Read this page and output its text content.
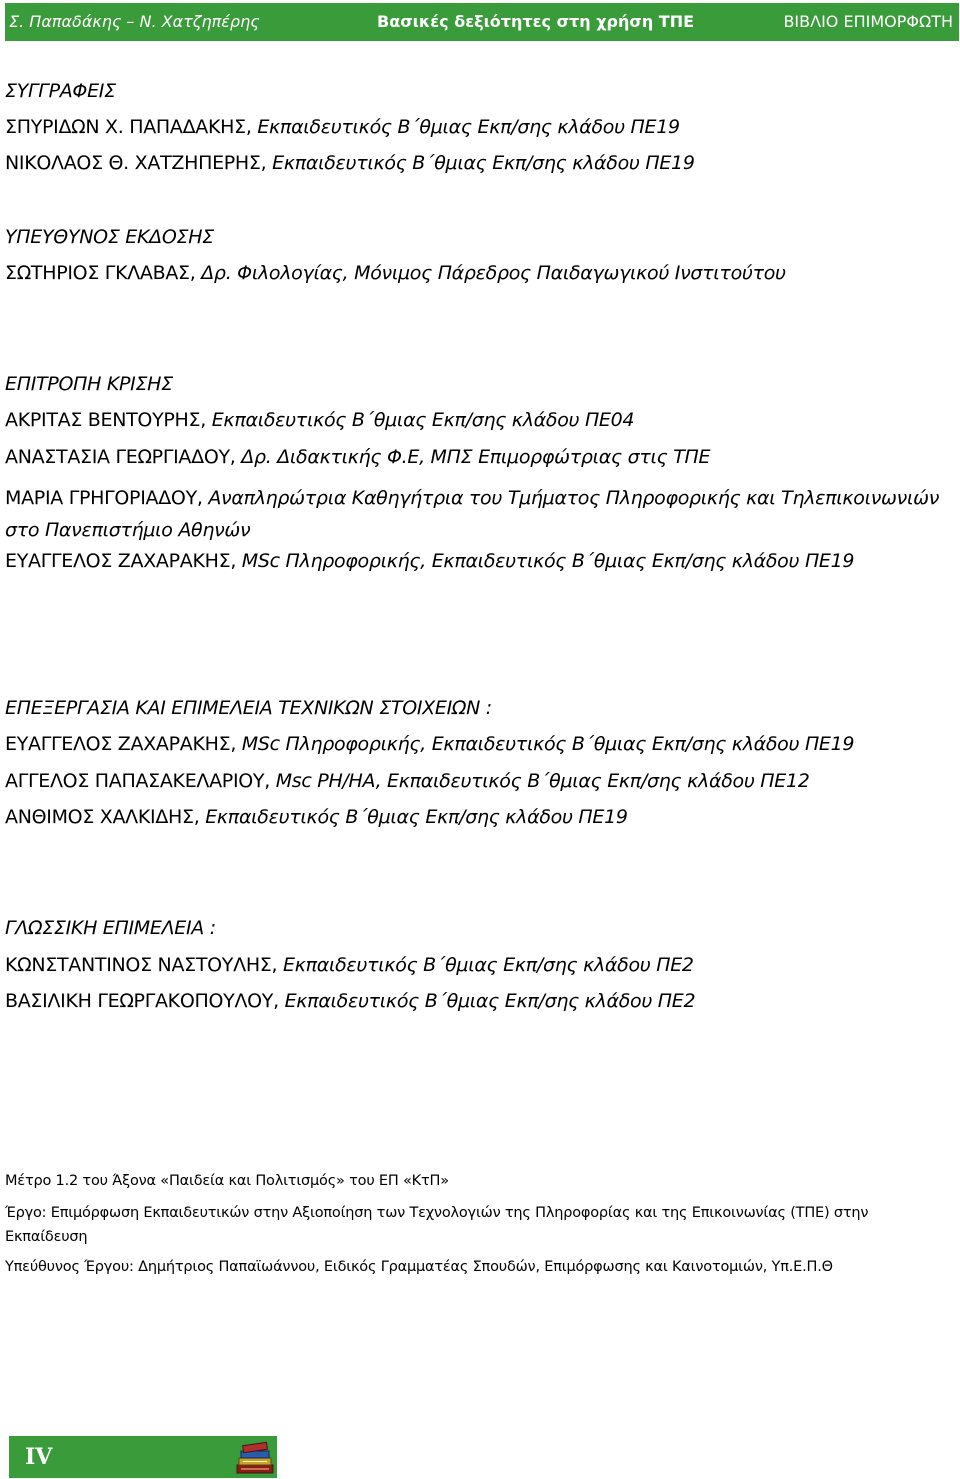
Σ. Παπαδάκης – Ν. Χατζηπέρης	Βασικές δεξιότητες στη χρήση ΤΠΕ	ΒΙΒΛΙΟ ΕΠΙΜΟΡΦΩΤΗ
ΣΥΓΓΡΑΦΕΙΣ
ΣΠΥΡΙΔΩΝ Χ. ΠΑΠΑΔΑΚΗΣ, Εκπαιδευτικός Β΄θμιας Εκπ/σης κλάδου ΠΕ19
ΝΙΚΟΛΑΟΣ Θ. ΧΑΤΖΗΠΕΡΗΣ, Εκπαιδευτικός Β΄θμιας Εκπ/σης κλάδου ΠΕ19
ΥΠΕΥΘΥΝΟΣ ΕΚΔΟΣΗΣ
ΣΩΤΗΡΙΟΣ ΓΚΛΑΒΑΣ, Δρ. Φιλολογίας, Μόνιμος Πάρεδρος Παιδαγωγικού Ινστιτούτου
ΕΠΙΤΡΟΠΗ ΚΡΙΣΗΣ
ΑΚΡΙΤΑΣ ΒΕΝΤΟΥΡΗΣ, Εκπαιδευτικός Β΄θμιας Εκπ/σης κλάδου ΠΕ04
ΑΝΑΣΤΑΣΙΑ ΓΕΩΡΓΙΑΔΟΥ, Δρ. Διδακτικής Φ.Ε, ΜΠΣ Επιμορφώτριας στις ΤΠΕ
ΜΑΡΙΑ ΓΡΗΓΟΡΙΑΔΟΥ, Αναπληρώτρια Καθηγήτρια του Τμήματος Πληροφορικής και Τηλεπικοινωνιών στο Πανεπιστήμιο Αθηνών
ΕΥΑΓΓΕΛΟΣ ΖΑΧΑΡΑΚΗΣ, MSc Πληροφορικής, Εκπαιδευτικός Β΄θμιας Εκπ/σης κλάδου ΠΕ19
ΕΠΕΞΕΡΓΑΣΙΑ ΚΑΙ ΕΠΙΜΕΛΕΙΑ ΤΕΧΝΙΚΩΝ ΣΤΟΙΧΕΙΩΝ :
ΕΥΑΓΓΕΛΟΣ ΖΑΧΑΡΑΚΗΣ, MSc Πληροφορικής, Εκπαιδευτικός Β΄θμιας Εκπ/σης κλάδου ΠΕ19
ΑΓΓΕΛΟΣ ΠΑΠΑΣΑΚΕΛΑΡΙΟΥ, Msc PH/HA, Εκπαιδευτικός Β΄θμιας Εκπ/σης κλάδου ΠΕ12
ΑΝΘΙΜΟΣ ΧΑΛΚΙΔΗΣ, Εκπαιδευτικός Β΄θμιας Εκπ/σης κλάδου ΠΕ19
ΓΛΩΣΣΙΚΗ ΕΠΙΜΕΛΕΙΑ :
ΚΩΝΣΤΑΝΤΙΝΟΣ ΝΑΣΤΟΥΛΗΣ, Εκπαιδευτικός Β΄θμιας Εκπ/σης κλάδου ΠΕ2
ΒΑΣΙΛΙΚΗ ΓΕΩΡΓΑΚΟΠΟΥΛΟΥ, Εκπαιδευτικός Β΄θμιας Εκπ/σης κλάδου ΠΕ2
Μέτρο 1.2 του Άξονα «Παιδεία και Πολιτισμός» του ΕΠ «ΚτΠ»
Έργο: Επιμόρφωση Εκπαιδευτικών στην Αξιοποίηση των Τεχνολογιών της Πληροφορίας και της Επικοινωνίας (ΤΠΕ) στην Εκπαίδευση
Υπεύθυνος Έργου: Δημήτριος Παπαϊωάννου, Ειδικός Γραμματέας Σπουδών, Επιμόρφωσης και Καινοτομιών, Υπ.Ε.Π.Θ
IV
